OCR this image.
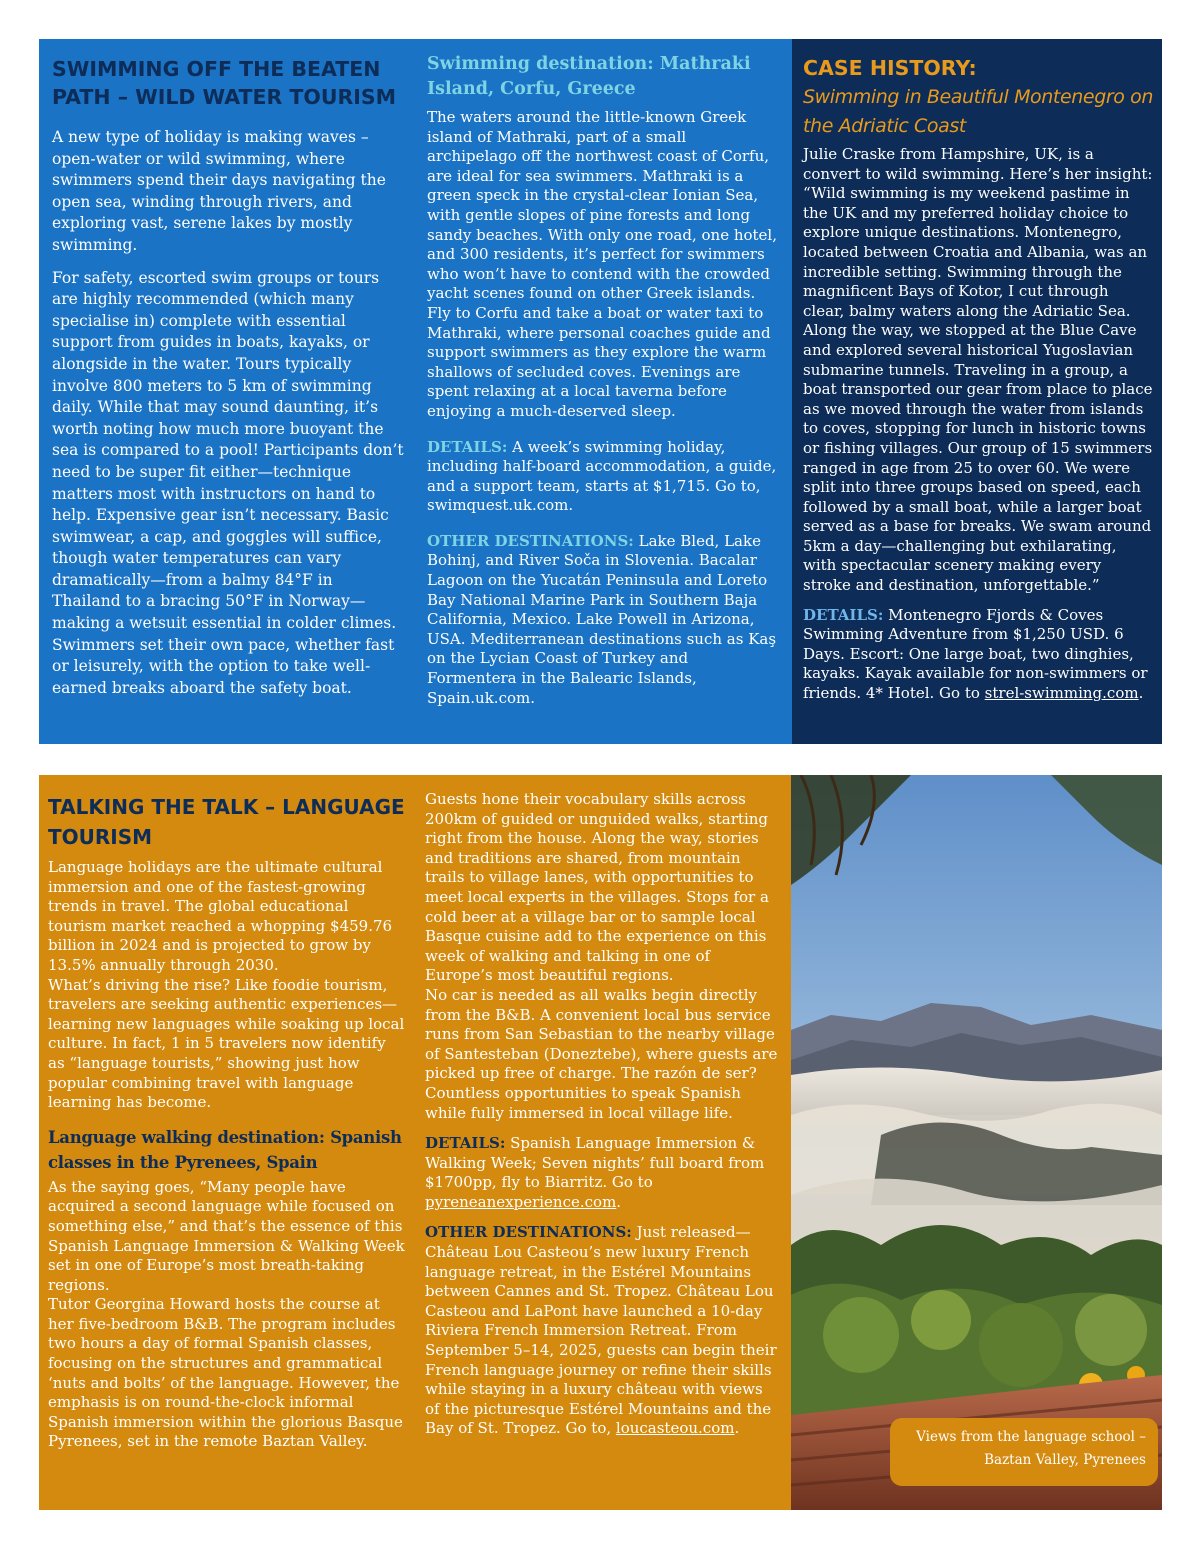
SWIMMING OFF THE BEATEN PATH – WILD WATER TOURISM

A new type of holiday is making waves – open-water or wild swimming, where swimmers spend their days navigating the open sea, winding through rivers, and exploring vast, serene lakes by mostly swimming.

For safety, escorted swim groups or tours are highly recommended (which many specialise in) complete with essential support from guides in boats, kayaks, or alongside in the water. Tours typically involve 800 meters to 5 km of swimming daily. While that may sound daunting, it’s worth noting how much more buoyant the sea is compared to a pool! Participants don’t need to be super fit either—technique matters most with instructors on hand to help. Expensive gear isn’t necessary. Basic swimwear, a cap, and goggles will suffice, though water temperatures can vary dramatically—from a balmy 84°F in Thailand to a bracing 50°F in Norway—making a wetsuit essential in colder climes. Swimmers set their own pace, whether fast or leisurely, with the option to take well-earned breaks aboard the safety boat.

Swimming destination: Mathraki Island, Corfu, Greece

The waters around the little-known Greek island of Mathraki, part of a small archipelago off the northwest coast of Corfu, are ideal for sea swimmers. Mathraki is a green speck in the crystal-clear Ionian Sea, with gentle slopes of pine forests and long sandy beaches. With only one road, one hotel, and 300 residents, it’s perfect for swimmers who won’t have to contend with the crowded yacht scenes found on other Greek islands. Fly to Corfu and take a boat or water taxi to Mathraki, where personal coaches guide and support swimmers as they explore the warm shallows of secluded coves. Evenings are spent relaxing at a local taverna before enjoying a much-deserved sleep.

DETAILS: A week’s swimming holiday, including half-board accommodation, a guide, and a support team, starts at $1,715. Go to, swimquest.uk.com.

OTHER DESTINATIONS: Lake Bled, Lake Bohinj, and River Soča in Slovenia. Bacalar Lagoon on the Yucatán Peninsula and Loreto Bay National Marine Park in Southern Baja California, Mexico. Lake Powell in Arizona, USA. Mediterranean destinations such as Kaş on the Lycian Coast of Turkey and Formentera in the Balearic Islands, Spain.uk.com.

CASE HISTORY:
Swimming in Beautiful Montenegro on the Adriatic Coast

Julie Craske from Hampshire, UK, is a convert to wild swimming. Here’s her insight: “Wild swimming is my weekend pastime in the UK and my preferred holiday choice to explore unique destinations. Montenegro, located between Croatia and Albania, was an incredible setting. Swimming through the magnificent Bays of Kotor, I cut through clear, balmy waters along the Adriatic Sea. Along the way, we stopped at the Blue Cave and explored several historical Yugoslavian submarine tunnels. Traveling in a group, a boat transported our gear from place to place as we moved through the water from islands to coves, stopping for lunch in historic towns or fishing villages. Our group of 15 swimmers ranged in age from 25 to over 60. We were split into three groups based on speed, each followed by a small boat, while a larger boat served as a base for breaks. We swam around 5km a day—challenging but exhilarating, with spectacular scenery making every stroke and destination, unforgettable.”

DETAILS: Montenegro Fjords & Coves Swimming Adventure from $1,250 USD. 6 Days. Escort: One large boat, two dinghies, kayaks. Kayak available for non-swimmers or friends. 4* Hotel. Go to strel-swimming.com.

TALKING THE TALK – LANGUAGE TOURISM

Language holidays are the ultimate cultural immersion and one of the fastest-growing trends in travel. The global educational tourism market reached a whopping $459.76 billion in 2024 and is projected to grow by 13.5% annually through 2030.

What’s driving the rise? Like foodie tourism, travelers are seeking authentic experiences—learning new languages while soaking up local culture. In fact, 1 in 5 travelers now identify as “language tourists,” showing just how popular combining travel with language learning has become.

Language walking destination: Spanish classes in the Pyrenees, Spain

As the saying goes, “Many people have acquired a second language while focused on something else,” and that’s the essence of this Spanish Language Immersion & Walking Week set in one of Europe’s most breath-taking regions.

Tutor Georgina Howard hosts the course at her five-bedroom B&B. The program includes two hours a day of formal Spanish classes, focusing on the structures and grammatical ‘nuts and bolts’ of the language. However, the emphasis is on round-the-clock informal Spanish immersion within the glorious Basque Pyrenees, set in the remote Baztan Valley.

Guests hone their vocabulary skills across 200km of guided or unguided walks, starting right from the house. Along the way, stories and traditions are shared, from mountain trails to village lanes, with opportunities to meet local experts in the villages. Stops for a cold beer at a village bar or to sample local Basque cuisine add to the experience on this week of walking and talking in one of Europe’s most beautiful regions.

No car is needed as all walks begin directly from the B&B. A convenient local bus service runs from San Sebastian to the nearby village of Santesteban (Doneztebe), where guests are picked up free of charge. The razón de ser? Countless opportunities to speak Spanish while fully immersed in local village life.

DETAILS: Spanish Language Immersion & Walking Week; Seven nights’ full board from $1700pp, fly to Biarritz. Go to pyreneanexperience.com.

OTHER DESTINATIONS: Just released—Château Lou Casteou’s new luxury French language retreat, in the Estérel Mountains between Cannes and St. Tropez. Château Lou Casteou and LaPont have launched a 10-day Riviera French Immersion Retreat. From September 5–14, 2025, guests can begin their French language journey or refine their skills while staying in a luxury château with views of the picturesque Estérel Mountains and the Bay of St. Tropez. Go to, loucasteou.com.	Views from the language school –
Baztan Valley, Pyrenees
